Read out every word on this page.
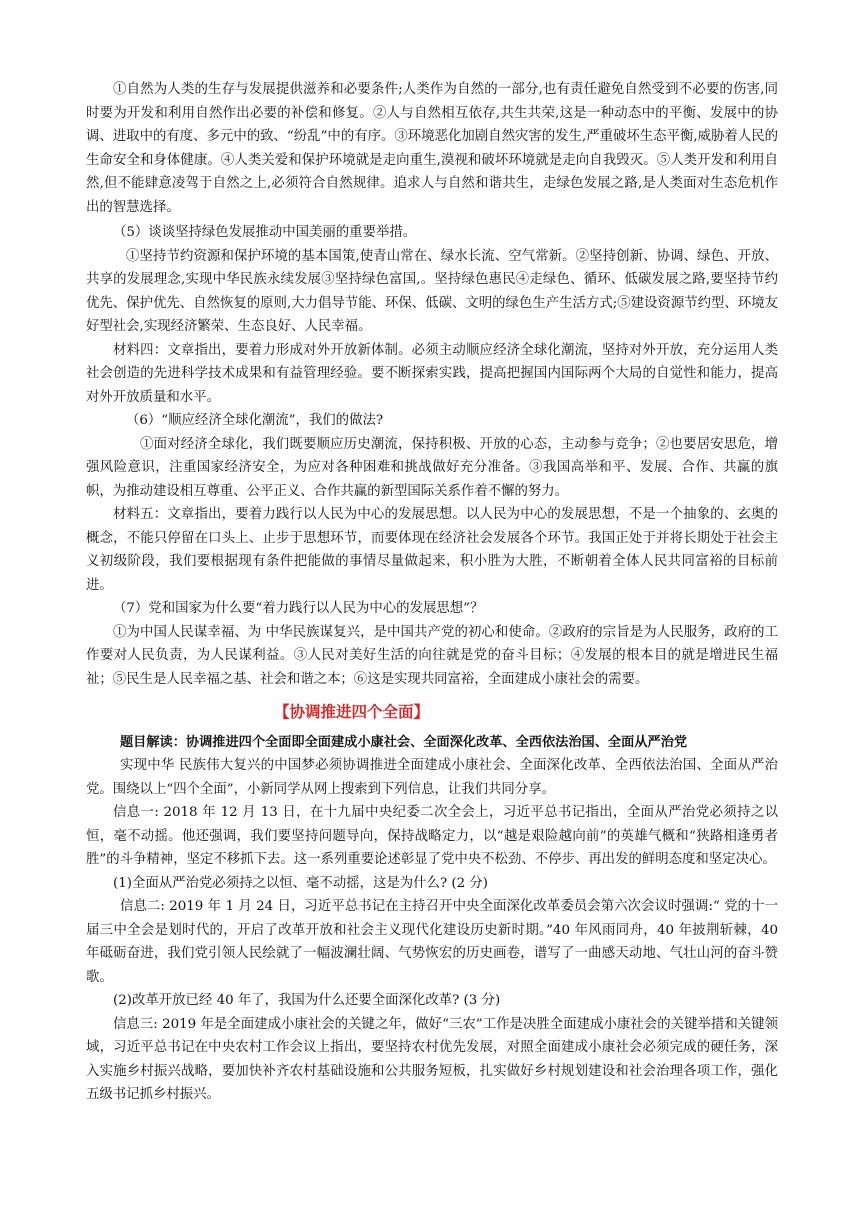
①自然为人类的生存与发展提供滋养和必要条件;人类作为自然的一部分,也有责任避免自然受到不必要的伤害,同时要为开发和利用自然作出必要的补偿和修复。②人与自然相互依存,共生共荣,这是一种动态中的平衡、发展中的协调、进取中的有度、多元中的致、“纷乱”中的有序。③环境恶化加剧自然灾害的发生,严重破坏生态平衡,威胁着人民的生命安全和身体健康。④人类关爱和保护环境就是走向重生,漠视和破坏环境就是走向自我毁灭。⑤人类开发和利用自然,但不能肆意凌驾于自然之上,必须符合自然规律。追求人与自然和谐共生，走绿色发展之路,是人类面对生态危机作出的智慧选择。

（5）谈谈坚持绿色发展推动中国美丽的重要举措。

①坚持节约资源和保护环境的基本国策,使青山常在、绿水长流、空气常新。②坚持创新、协调、绿色、开放、共享的发展理念,实现中华民族永续发展③坚持绿色富国,。坚持绿色惠民④走绿色、循环、低碳发展之路,要坚持节约优先、保护优先、自然恢复的原则,大力倡导节能、环保、低碳、文明的绿色生产生活方式;⑤建设资源节约型、环境友好型社会,实现经济繁荣、生态良好、人民幸福。

材料四：文章指出，要着力形成对外开放新体制。必须主动顺应经济全球化潮流，坚持对外开放，充分运用人类社会创造的先进科学技术成果和有益管理经验。要不断探索实践，提高把握国内国际两个大局的自觉性和能力，提高对外开放质量和水平。

（6）“顺应经济全球化潮流”，我们的做法?

①面对经济全球化，我们既要顺应历史潮流，保持积极、开放的心态，主动参与竞争；②也要居安思危，增强风险意识，注重国家经济安全，为应对各种困难和挑战做好充分准备。③我国高举和平、发展、合作、共赢的旗帜，为推动建设相互尊重、公平正义、合作共赢的新型国际关系作着不懈的努力。

材料五：文章指出，要着力践行以人民为中心的发展思想。以人民为中心的发展思想，不是一个抽象的、玄奥的概念，不能只停留在口头上、止步于思想环节，而要体现在经济社会发展各个环节。我国正处于并将长期处于社会主义初级阶段，我们要根据现有条件把能做的事情尽量做起来，积小胜为大胜，不断朝着全体人民共同富裕的目标前进。

（7）党和国家为什么要“着力践行以人民为中心的发展思想”？

①为中国人民谋幸福、为 中华民族谋复兴，是中国共产党的初心和使命。②政府的宗旨是为人民服务，政府的工作要对人民负责，为人民谋利益。③人民对美好生活的向往就是党的奋斗目标；④发展的根本目的就是增进民生福祉；⑤民生是人民幸福之基、社会和谐之本；⑥这是实现共同富裕，全面建成小康社会的需要。

【协调推进四个全面】

题目解读：协调推进四个全面即全面建成小康社会、全面深化改革、全西依法治国、全面从严治党

实现中华 民族伟大复兴的中国梦必须协调推进全面建成小康社会、全面深化改革、全西依法治国、全面从严治党。围绕以上“四个全面”，小新同学从网上搜索到下列信息，让我们共同分享。

信息一: 2018 年 12 月 13 日，在十九届中央纪委二次全会上，习近平总书记指出，全面从严治党必须持之以恒，毫不动摇。他还强调，我们要坚持问题导向，保持战略定力，以“越是艰险越向前”的英雄气概和“狭路相逢勇者胜”的斗争精神，坚定不移抓下去。这一系列重要论述彰显了党中央不松劲、不停步、再出发的鲜明态度和坚定决心。

(1)全面从严治党必须持之以恒、毫不动摇，这是为什么? (2 分)

信息二: 2019 年 1 月 24 日，习近平总书记在主持召开中央全面深化改革委员会第六次会议时强调:“ 党的十一届三中全会是划时代的，开启了改革开放和社会主义现代化建设历史新时期。”40 年风雨同舟，40 年披荆斩棘，40 年砥砺奋进，我们党引领人民绘就了一幅波澜壮阔、气势恢宏的历史画卷，谱写了一曲感天动地、气壮山河的奋斗赞歌。

(2)改革开放已经 40 年了，我国为什么还要全面深化改革? (3 分)

信息三: 2019 年是全面建成小康社会的关键之年，做好“三农”工作是决胜全面建成小康社会的关键举措和关键领域，习近平总书记在中央农村工作会议上指出，要坚持农村优先发展，对照全面建成小康社会必须完成的硬任务，深入实施乡村振兴战略，要加快补齐农村基础设施和公共服务短板，扎实做好乡村规划建设和社会治理各项工作，强化五级书记抓乡村振兴。
